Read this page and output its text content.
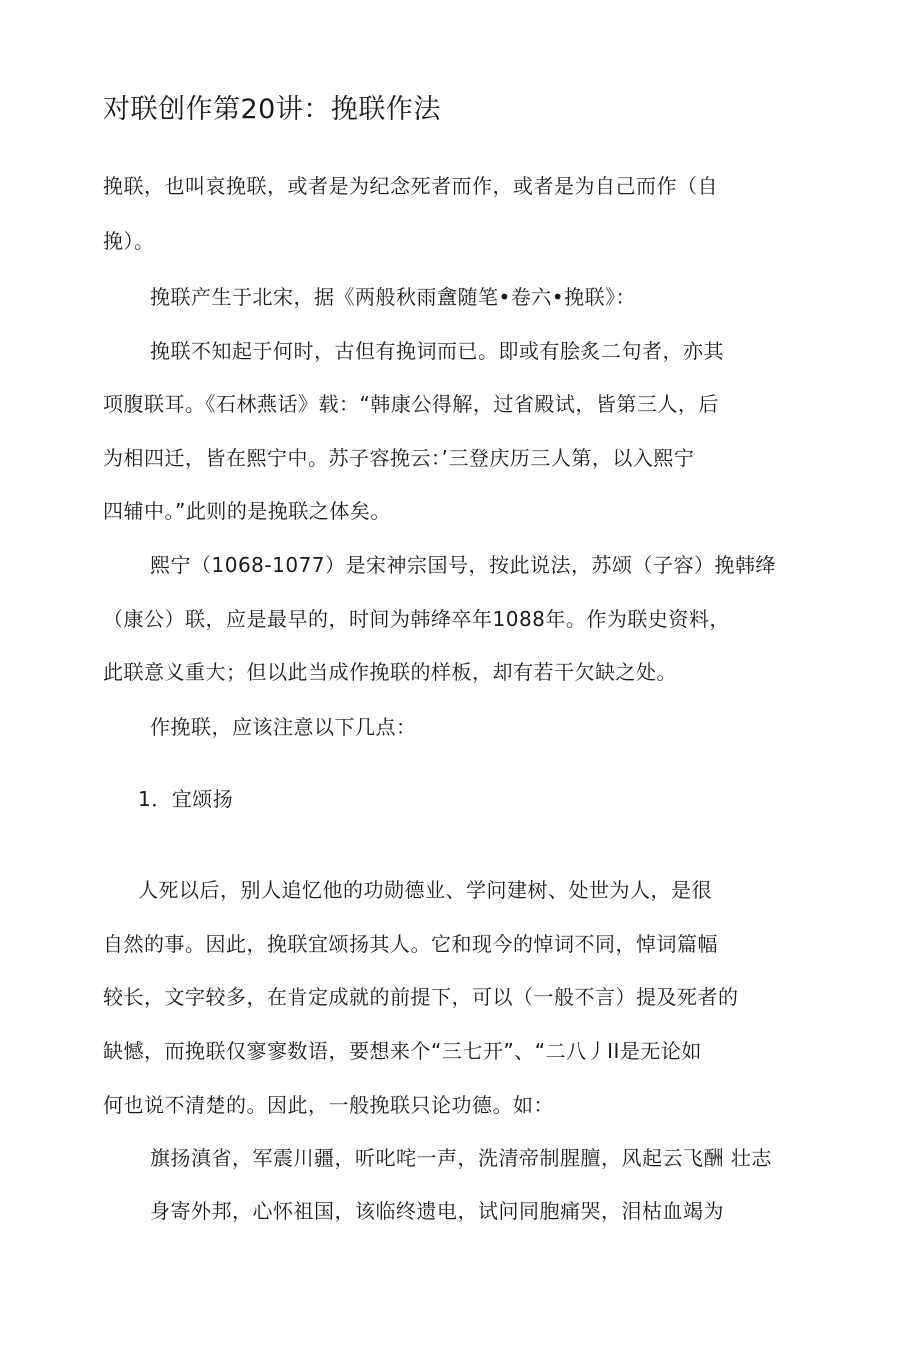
对联创作第20讲：挽联作法
挽联，也叫哀挽联，或者是为纪念死者而作，或者是为自己而作（自
挽）。
挽联产生于北宋，据《两般秋雨盦随笔•卷六•挽联》：
挽联不知起于何时，古但有挽词而已。即或有脍炙二句者，亦其
项腹联耳。《石林燕话》载：“韩康公得解，过省殿试，皆第三人，后
为相四迁，皆在熙宁中。苏子容挽云：’三登庆历三人第，以入熙宁
四辅中。”此则的是挽联之体矣。
熙宁（1068-1077）是宋神宗国号，按此说法，苏颂（子容）挽韩绛
（康公）联，应是最早的，时间为韩绛卒年1088年。作为联史资料，
此联意义重大；但以此当成作挽联的样板，却有若干欠缺之处。
作挽联，应该注意以下几点：
1．宜颂扬
人死以后，别人追忆他的功勋德业、学问建树、处世为人，是很
自然的事。因此，挽联宜颂扬其人。它和现今的悼词不同，悼词篇幅
较长，文字较多，在肯定成就的前提下，可以（一般不言）提及死者的
缺憾，而挽联仅寥寥数语，要想来个“三七开”、“二八丿II是无论如
何也说不清楚的。因此，一般挽联只论功德。如：
旗扬滇省，军震川疆，听叱咤一声，洗清帝制腥膻，风起云飞酬 壮志
身寄外邦，心怀祖国，该临终遗电，试问同胞痛哭，泪枯血竭为
